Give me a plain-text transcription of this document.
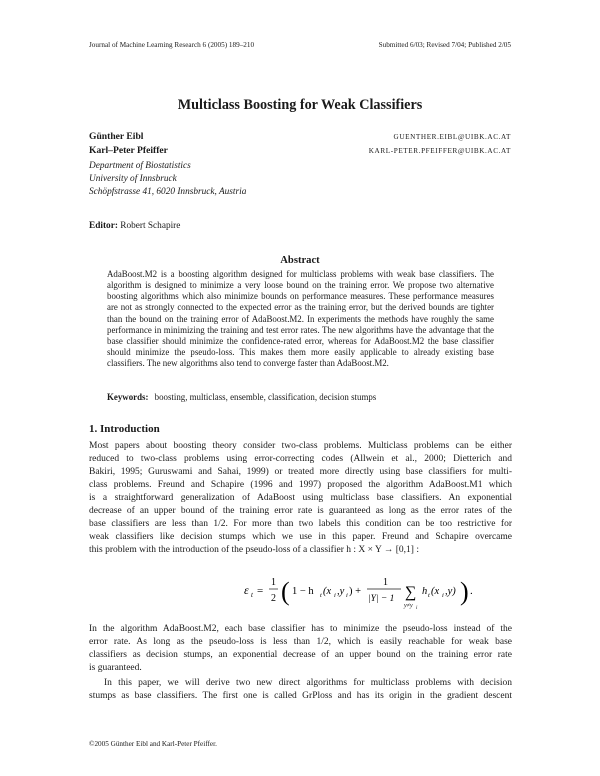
Journal of Machine Learning Research 6 (2005) 189–210	Submitted 6/03; Revised 7/04; Published 2/05
Multiclass Boosting for Weak Classifiers
Günther Eibl	GUENTHER.EIBL@UIBK.AC.AT
Karl–Peter Pfeiffer	KARL-PETER.PFEIFFER@UIBK.AC.AT
Department of Biostatistics
University of Innsbruck
Schöpfstrasse 41, 6020 Innsbruck, Austria
Editor: Robert Schapire
Abstract
AdaBoost.M2 is a boosting algorithm designed for multiclass problems with weak base classifiers. The algorithm is designed to minimize a very loose bound on the training error. We propose two alternative boosting algorithms which also minimize bounds on performance measures. These performance measures are not as strongly connected to the expected error as the training error, but the derived bounds are tighter than the bound on the training error of AdaBoost.M2. In experiments the methods have roughly the same performance in minimizing the training and test error rates. The new algorithms have the advantage that the base classifier should minimize the confidence-rated error, whereas for AdaBoost.M2 the base classifier should minimize the pseudo-loss. This makes them more easily applicable to already existing base classifiers. The new algorithms also tend to converge faster than AdaBoost.M2.
Keywords: boosting, multiclass, ensemble, classification, decision stumps
1. Introduction
Most papers about boosting theory consider two-class problems. Multiclass problems can be either
reduced to two-class problems using error-correcting codes (Allwein et al., 2000; Dietterich and
Bakiri, 1995; Guruswami and Sahai, 1999) or treated more directly using base classifiers for multi-
class problems. Freund and Schapire (1996 and 1997) proposed the algorithm AdaBoost.M1 which
is a straightforward generalization of AdaBoost using multiclass base classifiers. An exponential
decrease of an upper bound of the training error rate is guaranteed as long as the error rates of the
base classifiers are less than 1/2. For more than two labels this condition can be too restrictive for
weak classifiers like decision stumps which we use in this paper. Freund and Schapire overcame
this problem with the introduction of the pseudo-loss of a classifier h : X × Y → [0,1] :
ε t =
1
2 ( 1 − h t (x i ,y i ) +
1
|Y| − 1 ∑
y≠y i
h t (x i ,y) ) .
In the algorithm AdaBoost.M2, each base classifier has to minimize the pseudo-loss instead of the
error rate. As long as the pseudo-loss is less than 1/2, which is easily reachable for weak base
classifiers as decision stumps, an exponential decrease of an upper bound on the training error rate
is guaranteed.
In this paper, we will derive two new direct algorithms for multiclass problems with decision
stumps as base classifiers. The first one is called GrPloss and has its origin in the gradient descent
©2005 Günther Eibl and Karl-Peter Pfeiffer.
